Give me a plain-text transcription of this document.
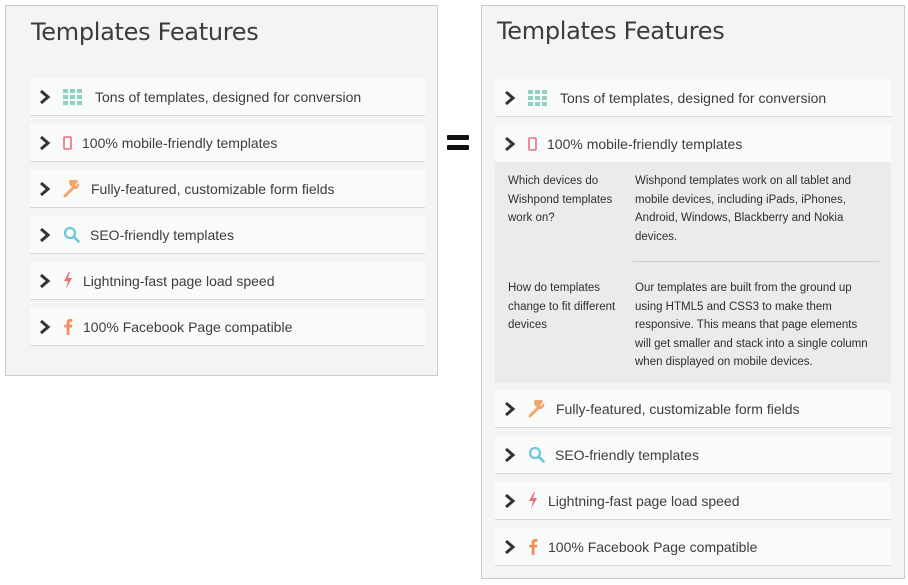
Templates Features
Tons of templates, designed for conversion
100% mobile-friendly templates
Fully-featured, customizable form fields
SEO-friendly templates
Lightning-fast page load speed
100% Facebook Page compatible
Templates Features
Tons of templates, designed for conversion
100% mobile-friendly templates
Which devices do Wishpond templates work on?
Wishpond templates work on all tablet and mobile devices, including iPads, iPhones, Android, Windows, Blackberry and Nokia devices.
How do templates change to fit different devices
Our templates are built from the ground up using HTML5 and CSS3 to make them responsive. This means that page elements will get smaller and stack into a single column when displayed on mobile devices.
Fully-featured, customizable form fields
SEO-friendly templates
Lightning-fast page load speed
100% Facebook Page compatible
